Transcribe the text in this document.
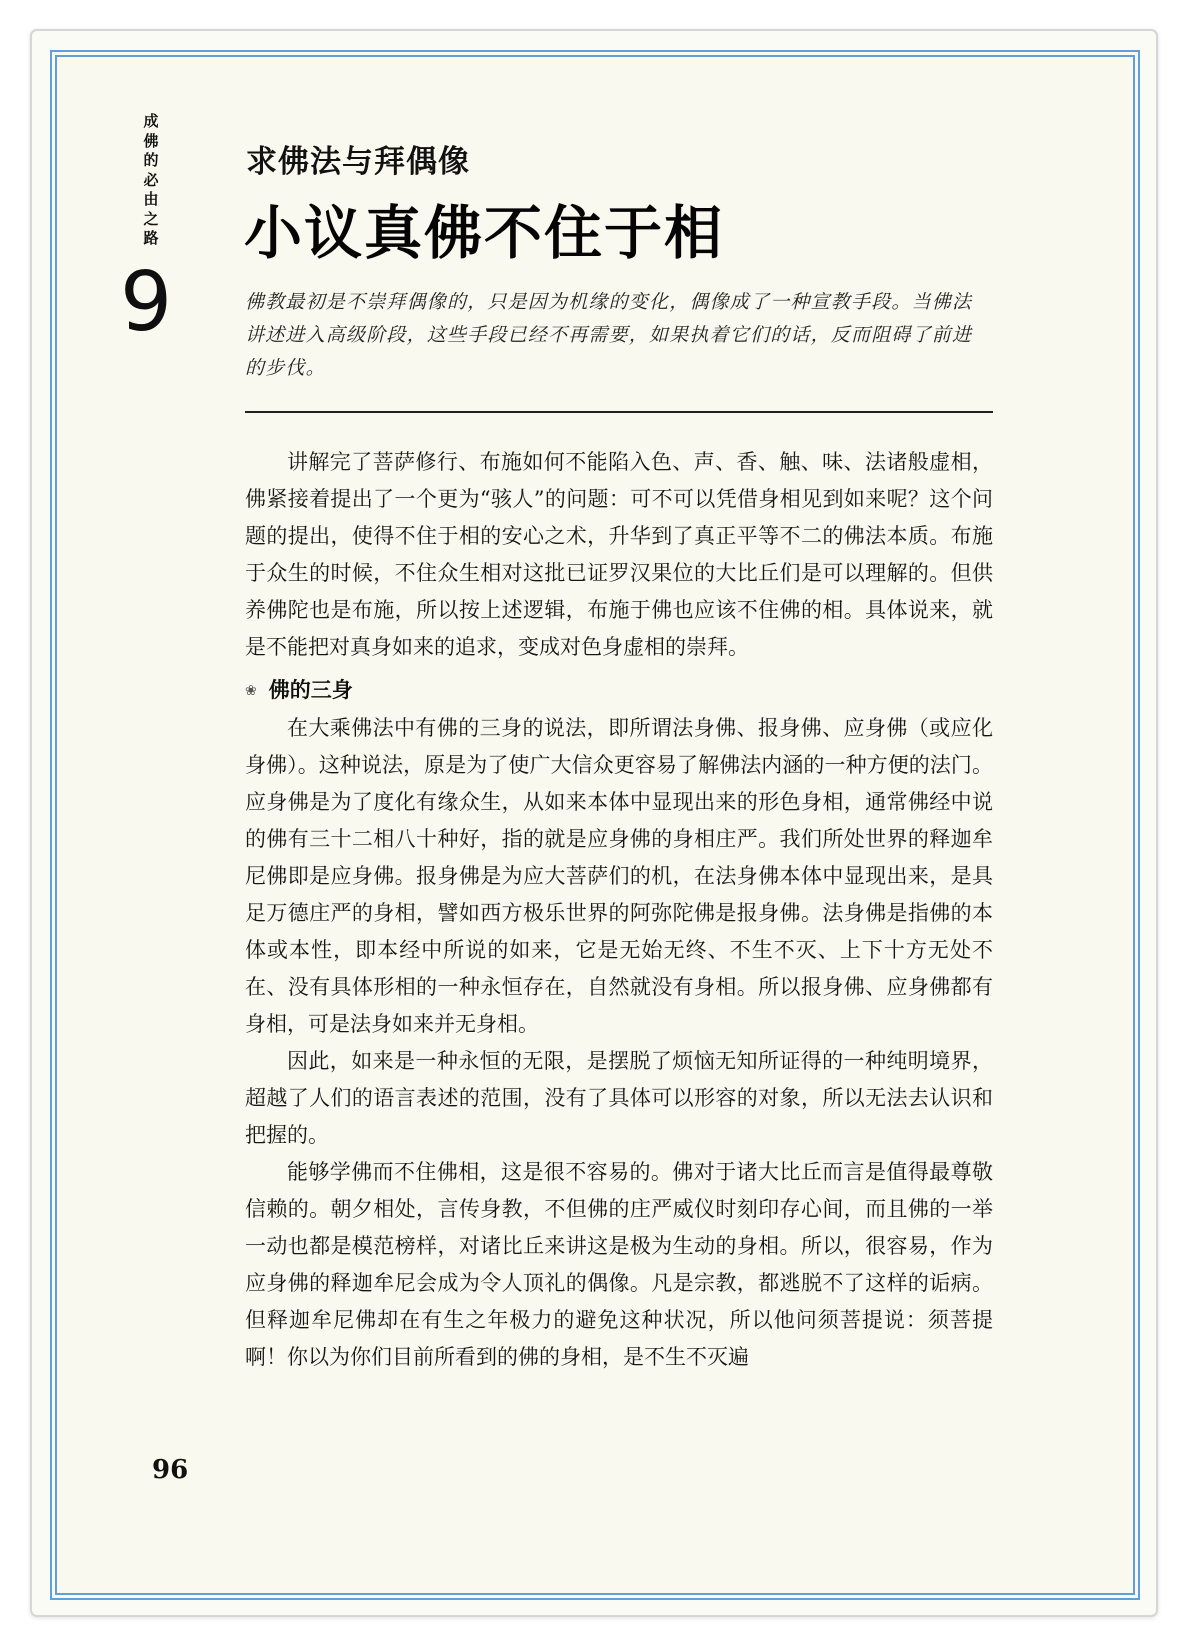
成佛的必由之路
9
求佛法与拜偶像
小议真佛不住于相
佛教最初是不崇拜偶像的，只是因为机缘的变化，偶像成了一种宣教手段。当佛法讲述进入高级阶段，这些手段已经不再需要，如果执着它们的话，反而阻碍了前进的步伐。

讲解完了菩萨修行、布施如何不能陷入色、声、香、触、味、法诸般虚相，佛紧接着提出了一个更为“骇人”的问题：可不可以凭借身相见到如来呢？这个问题的提出，使得不住于相的安心之术，升华到了真正平等不二的佛法本质。布施于众生的时候，不住众生相对这批已证罗汉果位的大比丘们是可以理解的。但供养佛陀也是布施，所以按上述逻辑，布施于佛也应该不住佛的相。具体说来，就是不能把对真身如来的追求，变成对色身虚相的崇拜。

❀ 佛的三身

在大乘佛法中有佛的三身的说法，即所谓法身佛、报身佛、应身佛（或应化身佛）。这种说法，原是为了使广大信众更容易了解佛法内涵的一种方便的法门。应身佛是为了度化有缘众生，从如来本体中显现出来的形色身相，通常佛经中说的佛有三十二相八十种好，指的就是应身佛的身相庄严。我们所处世界的释迦牟尼佛即是应身佛。报身佛是为应大菩萨们的机，在法身佛本体中显现出来，是具足万德庄严的身相，譬如西方极乐世界的阿弥陀佛是报身佛。法身佛是指佛的本体或本性，即本经中所说的如来，它是无始无终、不生不灭、上下十方无处不在、没有具体形相的一种永恒存在，自然就没有身相。所以报身佛、应身佛都有身相，可是法身如来并无身相。

因此，如来是一种永恒的无限，是摆脱了烦恼无知所证得的一种纯明境界，超越了人们的语言表述的范围，没有了具体可以形容的对象，所以无法去认识和把握的。

能够学佛而不住佛相，这是很不容易的。佛对于诸大比丘而言是值得最尊敬信赖的。朝夕相处，言传身教，不但佛的庄严威仪时刻印存心间，而且佛的一举一动也都是模范榜样，对诸比丘来讲这是极为生动的身相。所以，很容易，作为应身佛的释迦牟尼会成为令人顶礼的偶像。凡是宗教，都逃脱不了这样的诟病。但释迦牟尼佛却在有生之年极力的避免这种状况，所以他问须菩提说：须菩提啊！你以为你们目前所看到的佛的身相，是不生不灭遍

96
